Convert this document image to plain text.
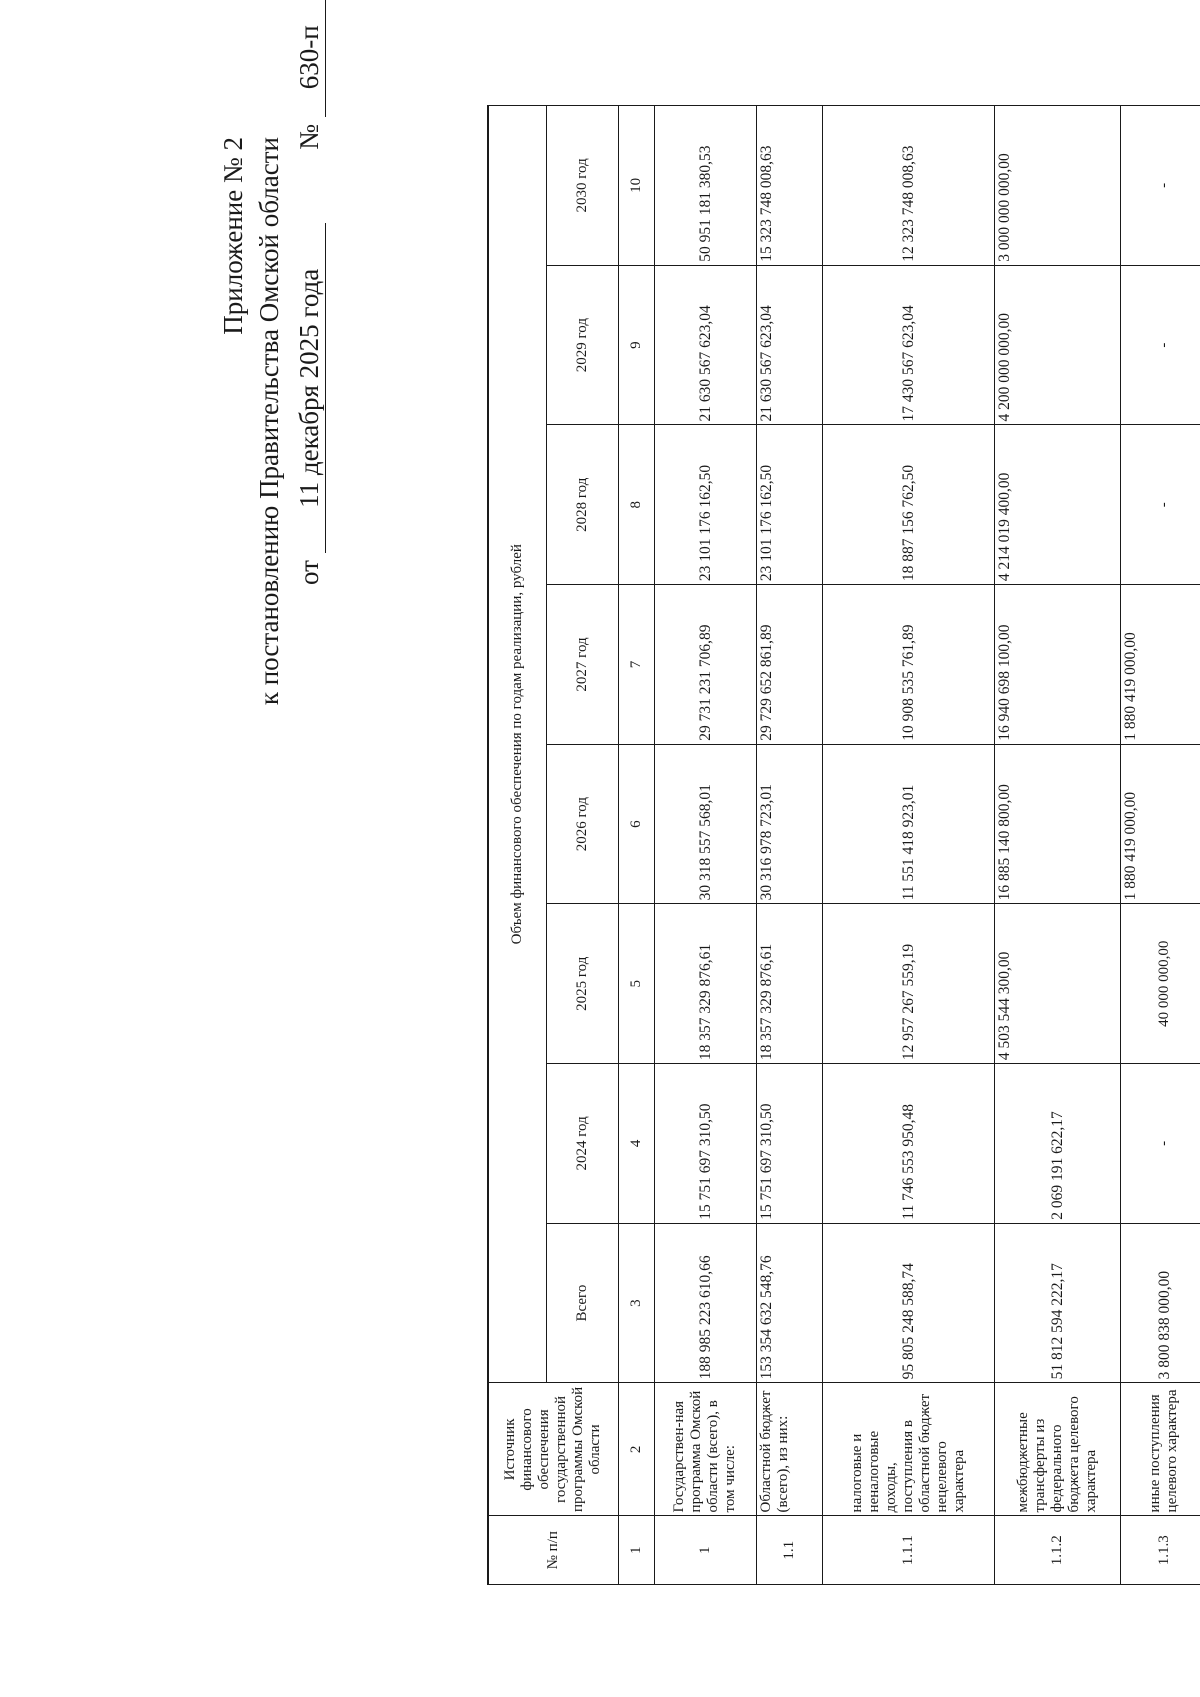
Приложение № 2 к постановлению Правительства Омской области от 11 декабря 2025 года  № 630-п
№ п/п	Источник финансового обеспечения государственной программы Омской области	Объем финансового обеспечения по годам реализации, рублей							
		Всего	2024 год	2025 год	2026 год	2027 год	2028 год	2029 год	2030 год
1	2	3	4	5	6	7	8	9	10
1	Государствен-ная программа Омской области (всего), в том числе:	188 985 223 610,66	15 751 697 310,50	18 357 329 876,61	30 318 557 568,01	29 731 231 706,89	23 101 176 162,50	21 630 567 623,04	50 951 181 380,53
1.1	Областной бюджет (всего), из них:	153 354 632 548,76	15 751 697 310,50	18 357 329 876,61	30 316 978 723,01	29 729 652 861,89	23 101 176 162,50	21 630 567 623,04	15 323 748 008,63
1.1.1	налоговые и неналоговые доходы, поступления в областной бюджет нецелевого характера	95 805 248 588,74	11 746 553 950,48	12 957 267 559,19	11 551 418 923,01	10 908 535 761,89	18 887 156 762,50	17 430 567 623,04	12 323 748 008,63
1.1.2	межбюджетные трансферты из федерального бюджета целевого характера	51 812 594 222,17	2 069 191 622,17	4 503 544 300,00	16 885 140 800,00	16 940 698 100,00	4 214 019 400,00	4 200 000 000,00	3 000 000 000,00
1.1.3	иные поступления целевого характера	3 800 838 000,00	-	40 000 000,00	1 880 419 000,00	1 880 419 000,00	-	-	-
